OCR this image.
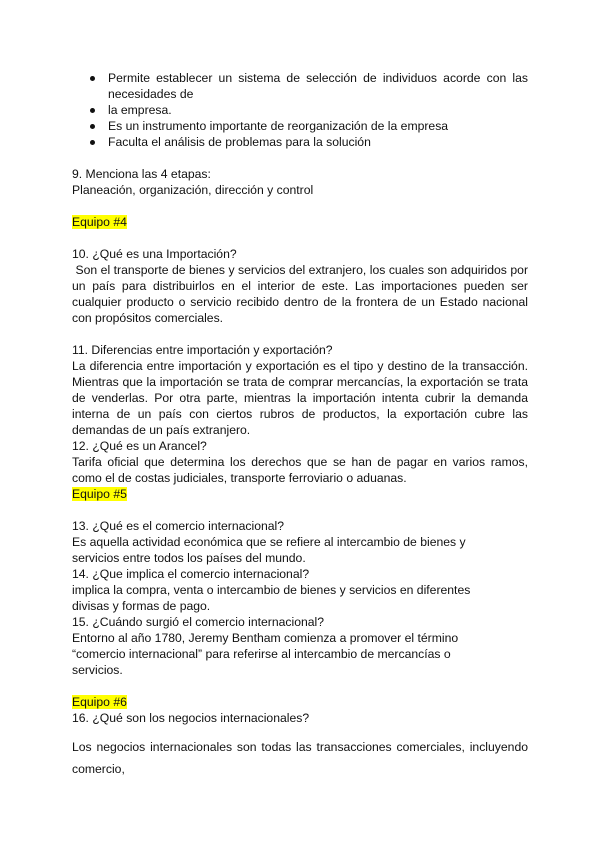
Permite establecer un sistema de selección de individuos acorde con las necesidades de
la empresa.
Es un instrumento importante de reorganización de la empresa
Faculta el análisis de problemas para la solución

9. Menciona las 4 etapas:

Planeación, organización, dirección y control

Equipo #4

10. ¿Qué es una Importación?

Son el transporte de bienes y servicios del extranjero, los cuales son adquiridos por un país para distribuirlos en el interior de este. Las importaciones pueden ser cualquier producto o servicio recibido dentro de la frontera de un Estado nacional con propósitos comerciales.

11. Diferencias entre importación y exportación?

La diferencia entre importación y exportación es el tipo y destino de la transacción. Mientras que la importación se trata de comprar mercancías, la exportación se trata de venderlas. Por otra parte, mientras la importación intenta cubrir la demanda interna de un país con ciertos rubros de productos, la exportación cubre las demandas de un país extranjero.

12. ¿Qué es un Arancel?

Tarifa oficial que determina los derechos que se han de pagar en varios ramos, como el de costas judiciales, transporte ferroviario o aduanas.

Equipo #5

13. ¿Qué es el comercio internacional?

Es aquella actividad económica que se refiere al intercambio de bienes y

servicios entre todos los países del mundo.

14. ¿Que implica el comercio internacional?

implica la compra, venta o intercambio de bienes y servicios en diferentes

divisas y formas de pago.

15. ¿Cuándo surgió el comercio internacional?

Entorno al año 1780, Jeremy Bentham comienza a promover el término

“comercio internacional” para referirse al intercambio de mercancías o

servicios.

Equipo #6

16. ¿Qué son los negocios internacionales?

Los negocios internacionales son todas las transacciones comerciales, incluyendo comercio,
